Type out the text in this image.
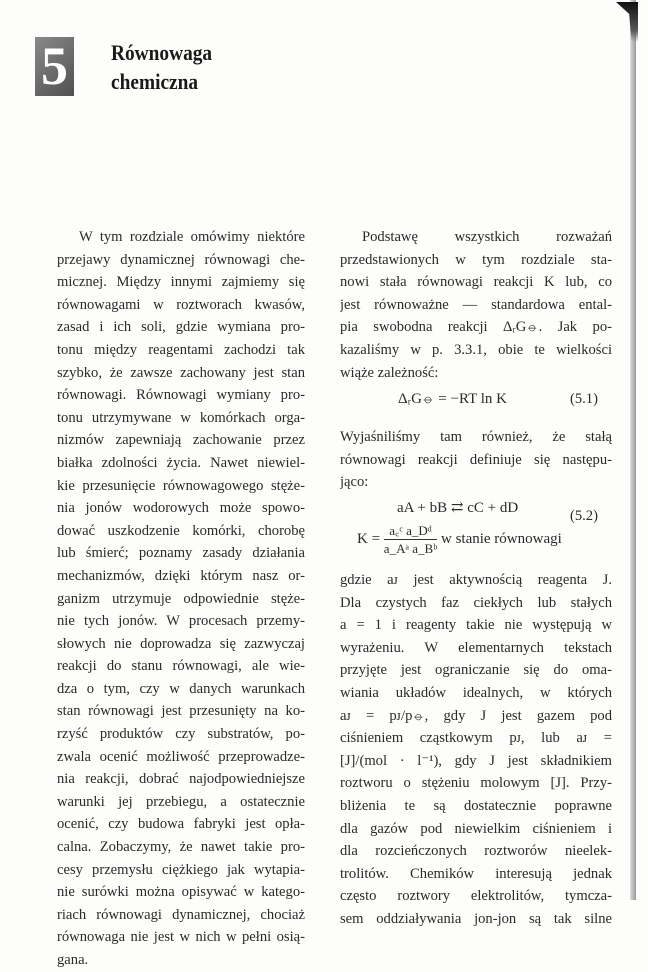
5 Równowaga
chemiczna
W tym rozdziale omówimy niektóre
przejawy dynamicznej równowagi che-
micznej. Między innymi zajmiemy się
równowagami w roztworach kwasów,
zasad i ich soli, gdzie wymiana pro-
tonu między reagentami zachodzi tak
szybko, że zawsze zachowany jest stan
równowagi. Równowagi wymiany pro-
tonu utrzymywane w komórkach orga-
nizmów zapewniają zachowanie przez
białka zdolności życia. Nawet niewiel-
kie przesunięcie równowagowego stęże-
nia jonów wodorowych może spowo-
dować uszkodzenie komórki, chorobę
lub śmierć; poznamy zasady działania
mechanizmów, dzięki którym nasz or-
ganizm utrzymuje odpowiednie stęże-
nie tych jonów. W procesach przemy-
słowych nie doprowadza się zazwyczaj
reakcji do stanu równowagi, ale wie-
dza o tym, czy w danych warunkach
stan równowagi jest przesunięty na ko-
rzyść produktów czy substratów, po-
zwala ocenić możliwość przeprowadze-
nia reakcji, dobrać najodpowiedniejsze
warunki jej przebiegu, a ostatecznie
ocenić, czy budowa fabryki jest opła-
calna. Zobaczymy, że nawet takie pro-
cesy przemysłu ciężkiego jak wytapia-
nie surówki można opisywać w katego-
riach równowagi dynamicznej, chociaż
równowaga nie jest w nich w pełni osią-
gana.
Podstawę wszystkich rozważań
przedstawionych w tym rozdziale sta-
nowi stała równowagi reakcji K lub, co
jest równoważne — standardowa ental-
pia swobodna reakcji ΔᵣG⦵. Jak po-
kazaliśmy w p. 3.3.1, obie te wielkości
wiąże zależność:
ΔᵣG⦵ = −RT ln K	(5.1)
Wyjaśniliśmy tam również, że stałą
równowagi reakcji definiuje się następu-
jąco:
aA + bB ⇄ cC + dD	(5.2)
$K = \frac{\text{a꜀ᶜ a\_Dᵈ}}{\text{a\_Aᵃ a\_Bᵇ}}$ w stanie równowagi
gdzie aᴊ jest aktywnością reagenta J.
Dla czystych faz ciekłych lub stałych
a = 1 i reagenty takie nie występują w
wyrażeniu. W elementarnych tekstach
przyjęte jest ograniczanie się do oma-
wiania układów idealnych, w których
aᴊ = pᴊ/p⦵, gdy J jest gazem pod
ciśnieniem cząstkowym pᴊ, lub aᴊ =
[J]/(mol · l⁻¹), gdy J jest składnikiem
roztworu o stężeniu molowym [J]. Przy-
bliżenia te są dostatecznie poprawne
dla gazów pod niewielkim ciśnieniem i
dla rozcieńczonych roztworów nieelek-
trolitów. Chemików interesują jednak
często roztwory elektrolitów, tymcza-
sem oddziaływania jon-jon są tak silne
